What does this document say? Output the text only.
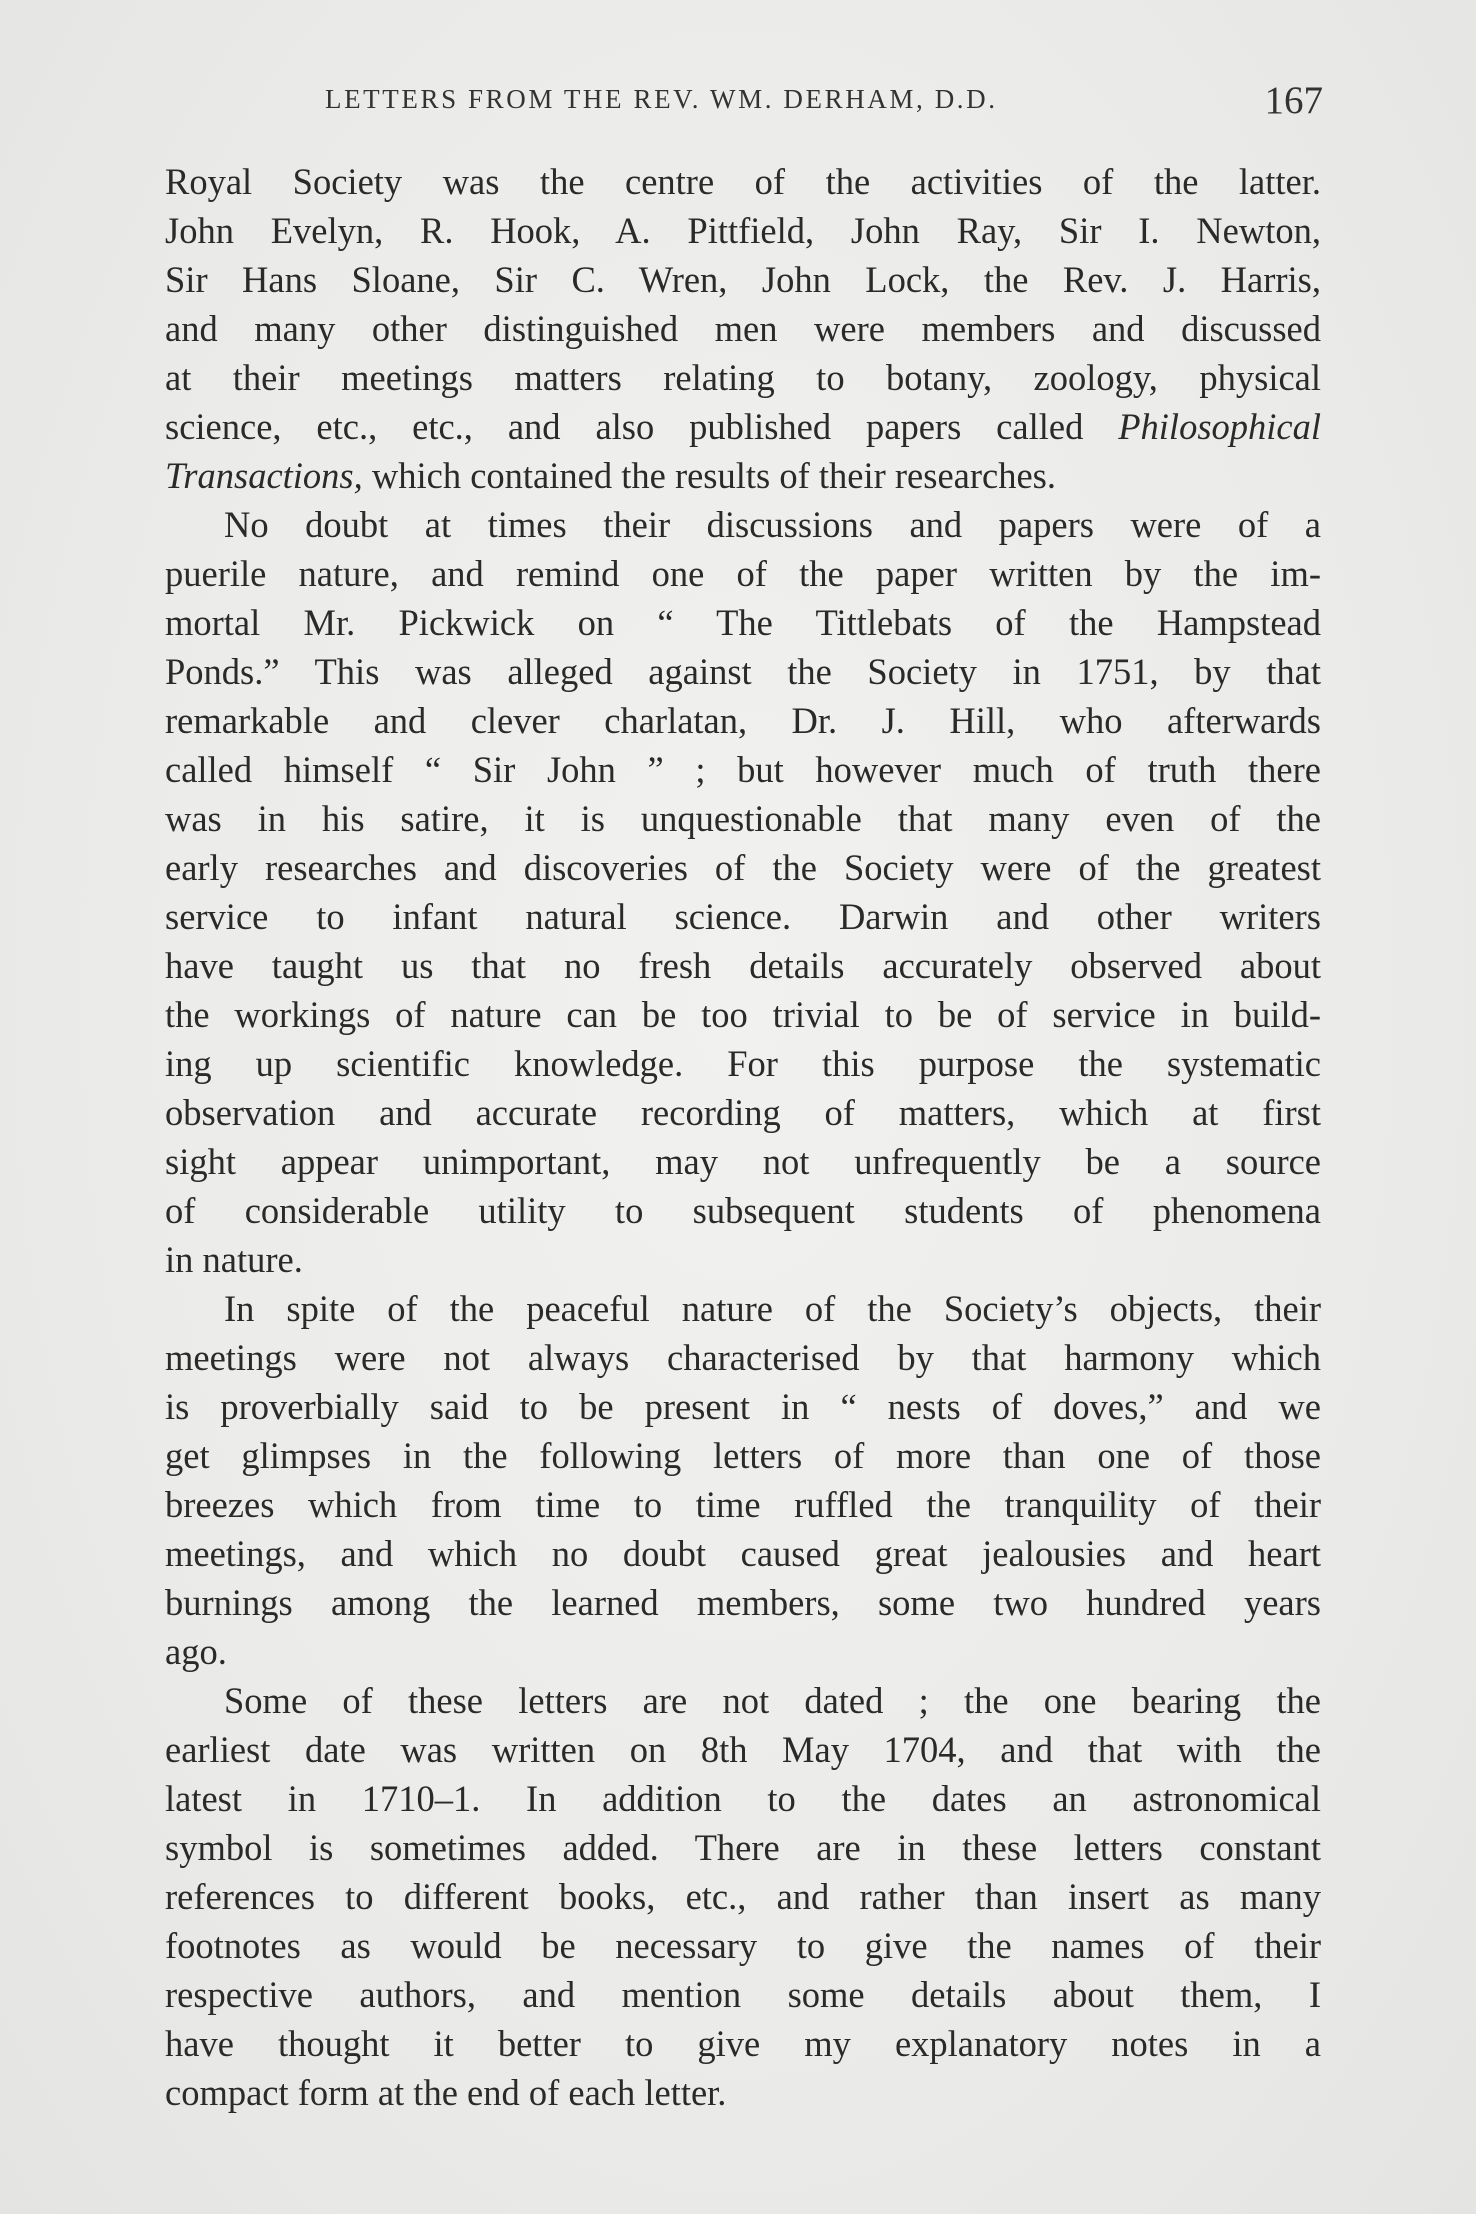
LETTERS FROM THE REV. WM. DERHAM, D.D.	167
Royal Society was the centre of the activities of the latter.
John Evelyn, R. Hook, A. Pittfield, John Ray, Sir I. Newton,
Sir Hans Sloane, Sir C. Wren, John Lock, the Rev. J. Harris,
and many other distinguished men were members and discussed
at their meetings matters relating to botany, zoology, physical
science, etc., etc., and also published papers called Philosophical
Transactions, which contained the results of their researches.
No doubt at times their discussions and papers were of a
puerile nature, and remind one of the paper written by the im-
mortal Mr. Pickwick on “ The Tittlebats of the Hampstead
Ponds.” This was alleged against the Society in 1751, by that
remarkable and clever charlatan, Dr. J. Hill, who afterwards
called himself “ Sir John ” ; but however much of truth there
was in his satire, it is unquestionable that many even of the
early researches and discoveries of the Society were of the greatest
service to infant natural science. Darwin and other writers
have taught us that no fresh details accurately observed about
the workings of nature can be too trivial to be of service in build-
ing up scientific knowledge. For this purpose the systematic
observation and accurate recording of matters, which at first
sight appear unimportant, may not unfrequently be a source
of considerable utility to subsequent students of phenomena
in nature.
In spite of the peaceful nature of the Society’s objects, their
meetings were not always characterised by that harmony which
is proverbially said to be present in “ nests of doves,” and we
get glimpses in the following letters of more than one of those
breezes which from time to time ruffled the tranquility of their
meetings, and which no doubt caused great jealousies and heart
burnings among the learned members, some two hundred years
ago.
Some of these letters are not dated ; the one bearing the
earliest date was written on 8th May 1704, and that with the
latest in 1710–1. In addition to the dates an astronomical
symbol is sometimes added. There are in these letters constant
references to different books, etc., and rather than insert as many
footnotes as would be necessary to give the names of their
respective authors, and mention some details about them, I
have thought it better to give my explanatory notes in a
compact form at the end of each letter.
